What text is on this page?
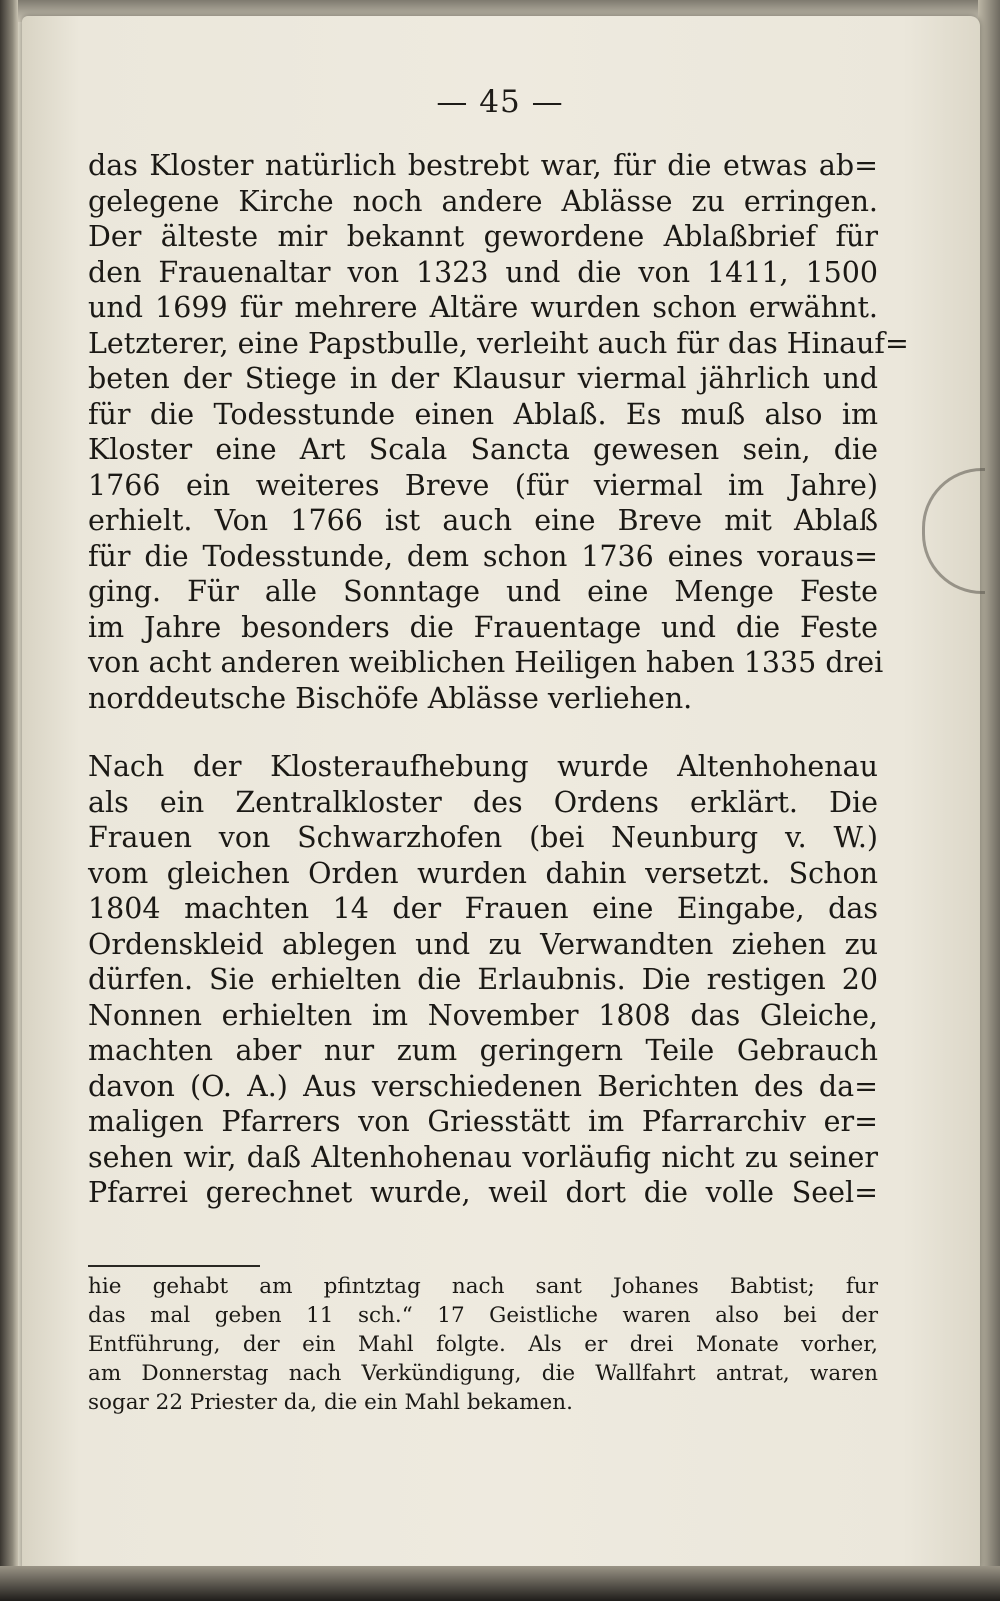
— 45 —
das Kloster natürlich bestrebt war, für die etwas ab=
gelegene Kirche noch andere Ablässe zu erringen.
Der älteste mir bekannt gewordene Ablaßbrief für
den Frauenaltar von 1323 und die von 1411, 1500
und 1699 für mehrere Altäre wurden schon erwähnt.
Letzterer, eine Papstbulle, verleiht auch für das Hinauf=
beten der Stiege in der Klausur viermal jährlich und
für die Todesstunde einen Ablaß. Es muß also im
Kloster eine Art Scala Sancta gewesen sein, die
1766 ein weiteres Breve (für viermal im Jahre)
erhielt. Von 1766 ist auch eine Breve mit Ablaß
für die Todesstunde, dem schon 1736 eines voraus=
ging. Für alle Sonntage und eine Menge Feste
im Jahre besonders die Frauentage und die Feste
von acht anderen weiblichen Heiligen haben 1335 drei
norddeutsche Bischöfe Ablässe verliehen.
Nach der Klosteraufhebung wurde Altenhohenau
als ein Zentralkloster des Ordens erklärt. Die
Frauen von Schwarzhofen (bei Neunburg v. W.)
vom gleichen Orden wurden dahin versetzt. Schon
1804 machten 14 der Frauen eine Eingabe, das
Ordenskleid ablegen und zu Verwandten ziehen zu
dürfen. Sie erhielten die Erlaubnis. Die restigen 20
Nonnen erhielten im November 1808 das Gleiche,
machten aber nur zum geringern Teile Gebrauch
davon (O. A.) Aus verschiedenen Berichten des da=
maligen Pfarrers von Griesstätt im Pfarrarchiv er=
sehen wir, daß Altenhohenau vorläufig nicht zu seiner
Pfarrei gerechnet wurde, weil dort die volle Seel=
hie gehabt am pfintztag nach sant Johanes Babtist; fur
das mal geben 11 sch.“ 17 Geistliche waren also bei der
Entführung, der ein Mahl folgte. Als er drei Monate vorher,
am Donnerstag nach Verkündigung, die Wallfahrt antrat, waren
sogar 22 Priester da, die ein Mahl bekamen.
